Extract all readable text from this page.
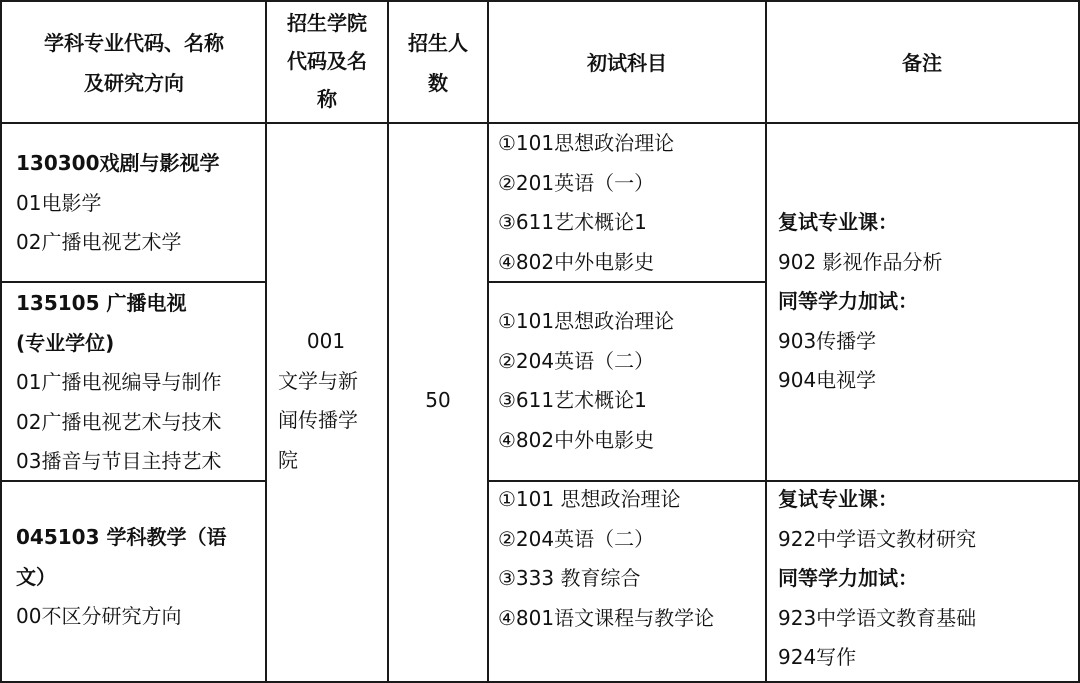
学科专业代码、名称
及研究方向
招生学院
代码及名
称
招生人
数
初试科目	备注
130300戏剧与影视学
01电影学
02广播电视艺术学
135105 广播电视
(专业学位)
01广播电视编导与制作
02广播电视艺术与技术
03播音与节目主持艺术
045103 学科教学（语
文）
00不区分研究方向
001
文学与新
闻传播学
院
50
①101思想政治理论
②201英语（一）
③611艺术概论1
④802中外电影史
①101思想政治理论
②204英语（二）
③611艺术概论1
④802中外电影史
①101 思想政治理论
②204英语（二）
③333 教育综合
④801语文课程与教学论
复试专业课：
902 影视作品分析
同等学力加试：
903传播学
904电视学
复试专业课：
922中学语文教材研究
同等学力加试：
923中学语文教育基础
924写作
